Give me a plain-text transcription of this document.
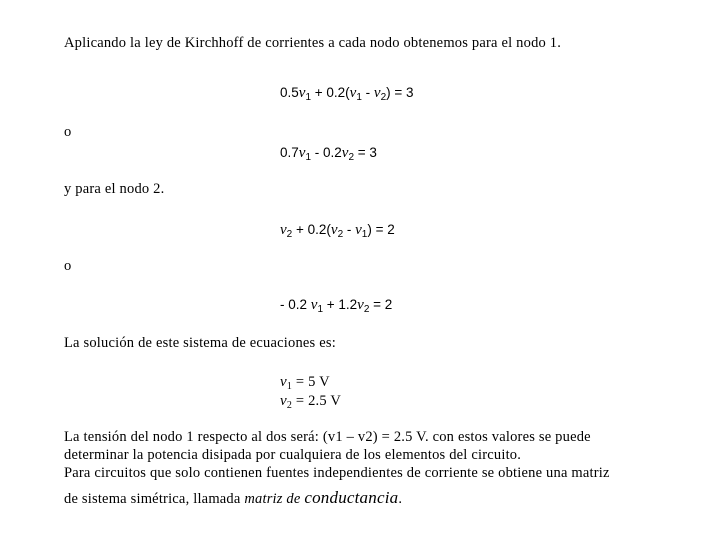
Aplicando la ley de Kirchhoff de corrientes a cada nodo obtenemos para el nodo 1.
$0.5v_1 + 0.2(v_1 - v_2) = 3$
o
$0.7v_1 - 0.2v_2 = 3$
y para el nodo 2.
$v_2 + 0.2(v_2 - v_1) = 2$
o
- 0.2 $v_1 + 1.2v_2 = 2$
La solución de este sistema de ecuaciones es:
$v_1 = 5$ V
$v_2 = 2.5$ V
La tensión del nodo 1 respecto al dos será: (v1 – v2) = 2.5 V. con estos valores se puede
determinar la potencia disipada por cualquiera de los elementos del circuito.
Para circuitos que solo contienen fuentes independientes de corriente se obtiene una matriz
de sistema simétrica, llamada matriz de conductancia.
